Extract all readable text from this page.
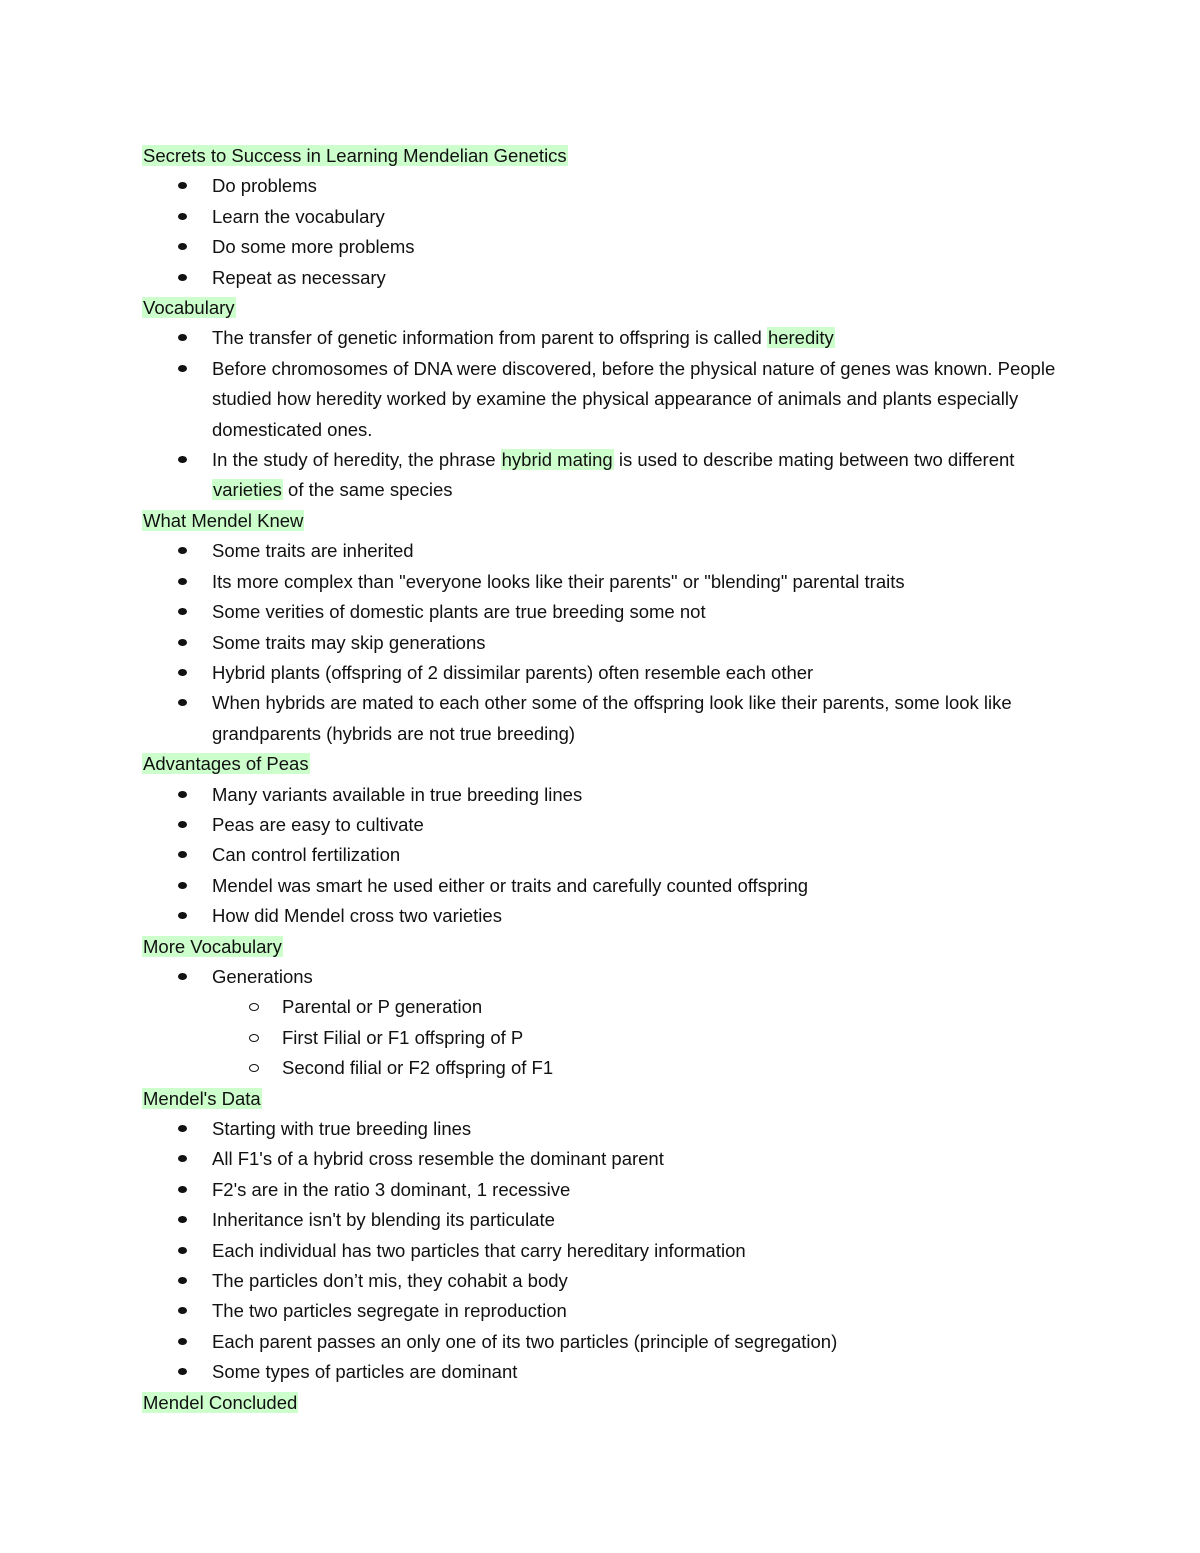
Secrets to Success in Learning Mendelian Genetics

Do problems
Learn the vocabulary
Do some more problems
Repeat as necessary

Vocabulary

The transfer of genetic information from parent to offspring is called heredity
Before chromosomes of DNA were discovered, before the physical nature of genes was known. People studied how heredity worked by examine the physical appearance of animals and plants especially domesticated ones.
In the study of heredity, the phrase hybrid mating is used to describe mating between two different varieties of the same species

What Mendel Knew

Some traits are inherited
Its more complex than "everyone looks like their parents" or "blending" parental traits
Some verities of domestic plants are true breeding some not
Some traits may skip generations
Hybrid plants (offspring of 2 dissimilar parents) often resemble each other
When hybrids are mated to each other some of the offspring look like their parents, some look like grandparents (hybrids are not true breeding)

Advantages of Peas

Many variants available in true breeding lines
Peas are easy to cultivate
Can control fertilization
Mendel was smart he used either or traits and carefully counted offspring
How did Mendel cross two varieties

More Vocabulary

Generations
Parental or P generation
First Filial or F1 offspring of P
Second filial or F2 offspring of F1

Mendel's Data

Starting with true breeding lines
All F1's of a hybrid cross resemble the dominant parent
F2's are in the ratio 3 dominant, 1 recessive
Inheritance isn't by blending its particulate
Each individual has two particles that carry hereditary information
The particles don’t mis, they cohabit a body
The two particles segregate in reproduction
Each parent passes an only one of its two particles (principle of segregation)
Some types of particles are dominant

Mendel Concluded
